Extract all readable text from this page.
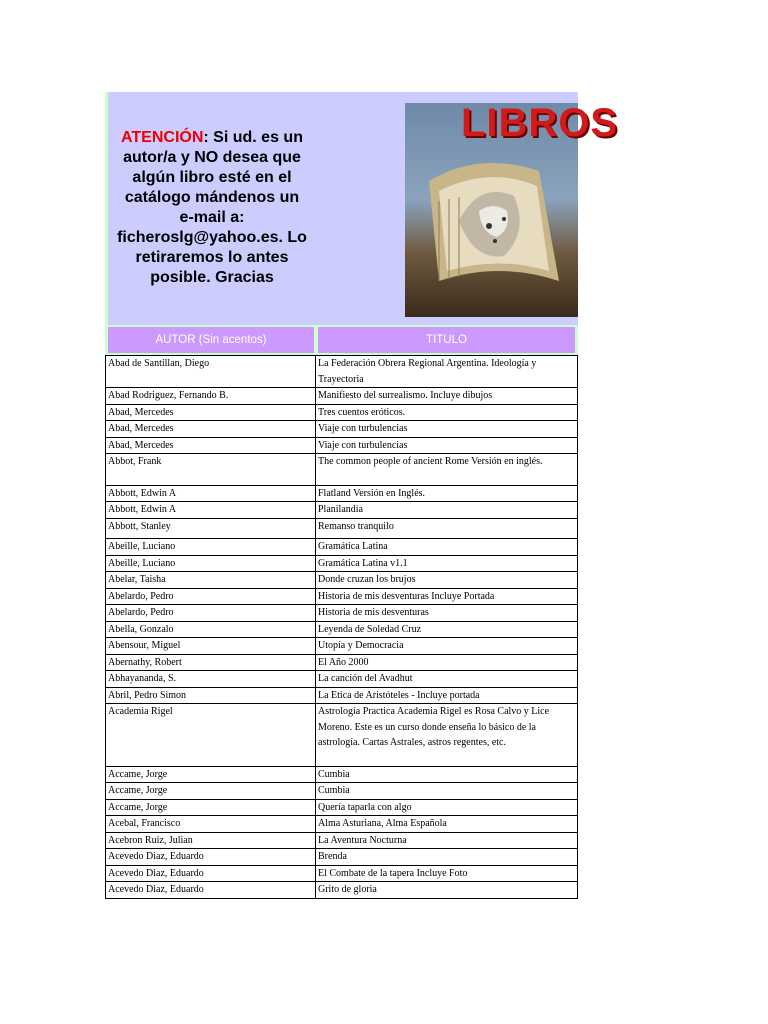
ATENCIÓN: Si ud. es un autor/a y NO desea que algún libro esté en el catálogo mándenos un e-mail a: ficheroslg@yahoo.es. Lo retiraremos lo antes posible. Gracias
LIBROS
AUTOR (Sin acentos)	TITULO
Abad de Santillan, Diego	La Federación Obrera Regional Argentina. Ideología y Trayectoria
Abad Rodriguez, Fernando B.	Manifiesto del surrealismo. Incluye dibujos
Abad, Mercedes	Tres cuentos eróticos.
Abad, Mercedes	Viaje con turbulencias
Abad, Mercedes	Viaje con turbulencias
Abbot, Frank	The common people of ancient Rome Versión en inglés.
Abbott, Edwin A	Flatland Versión en Inglés.
Abbott, Edwin A	Planilandia
Abbott, Stanley	Remanso tranquilo
Abeille, Luciano	Gramática Latina
Abeille, Luciano	Gramática Latina v1.1
Abelar, Taisha	Donde cruzan los brujos
Abelardo, Pedro	Historia de mis desventuras Incluye Portada
Abelardo, Pedro	Historia de mis desventuras
Abella, Gonzalo	Leyenda de Soledad Cruz
Abensour, Miguel	Utopía y Democracia
Abernathy, Robert	El Año 2000
Abhayananda, S.	La canción del Avadhut
Abril, Pedro Simon	La Etica de Aristóteles - Incluye portada
Academia Rigel	Astrología Practica Academia Rigel es Rosa Calvo y Lice Moreno. Este es un curso donde enseña lo básico de la astrología. Cartas Astrales, astros regentes, etc.
Accame, Jorge	Cumbia
Accame, Jorge	Cumbia
Accame, Jorge	Quería taparla con algo
Acebal, Francisco	Alma Asturiana, Alma Española
Acebron Ruiz, Julian	La Aventura Nocturna
Acevedo Diaz, Eduardo	Brenda
Acevedo Diaz, Eduardo	El Combate de la tapera Incluye Foto
Acevedo Diaz, Eduardo	Grito de gloria
